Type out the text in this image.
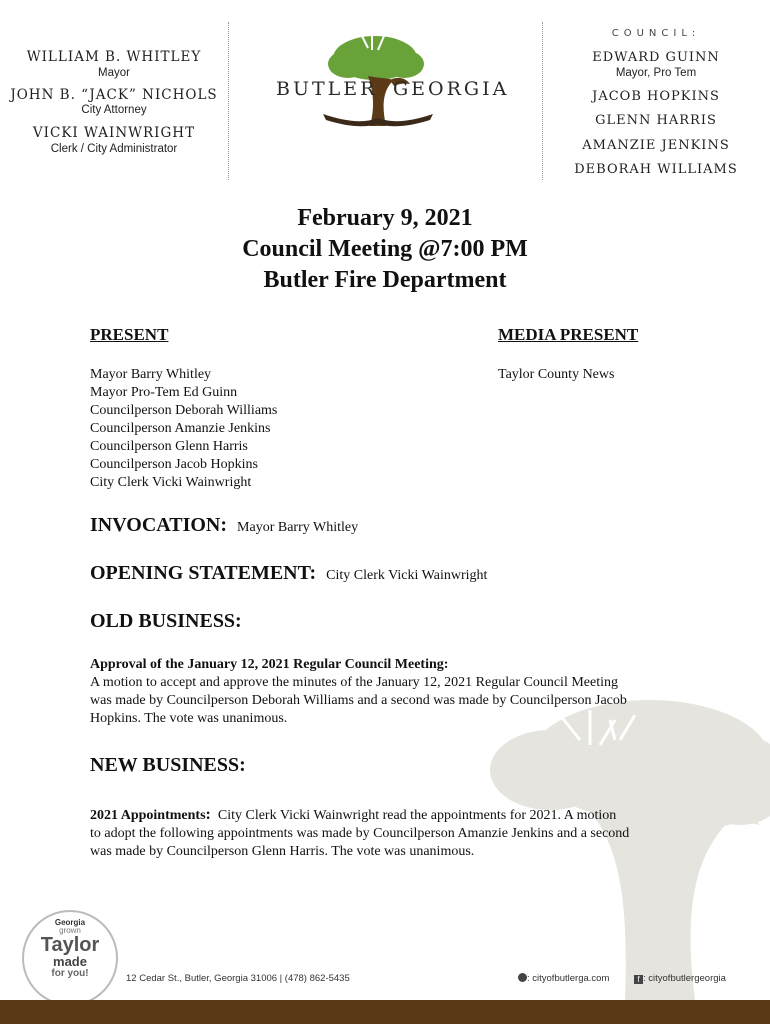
WILLIAM B. WHITLEY
Mayor
JOHN B. “JACK” NICHOLS
City Attorney
VICKI WAINWRIGHT
Clerk / City Administrator
BUTLER GEORGIA
COUNCIL:
EDWARD GUINN
Mayor, Pro Tem
JACOB HOPKINS
GLENN HARRIS
AMANZIE JENKINS
DEBORAH WILLIAMS
February 9, 2021
Council Meeting @7:00 PM
Butler Fire Department
PRESENT
Mayor Barry Whitley
Mayor Pro-Tem Ed Guinn
Councilperson Deborah Williams
Councilperson Amanzie Jenkins
Councilperson Glenn Harris
Councilperson Jacob Hopkins
City Clerk Vicki Wainwright
MEDIA PRESENT
Taylor County News
INVOCATION:  Mayor Barry Whitley
OPENING STATEMENT:  City Clerk Vicki Wainwright
OLD BUSINESS:
Approval of the January 12, 2021 Regular Council Meeting:
A motion to accept and approve the minutes of the January 12, 2021 Regular Council Meeting
was made by Councilperson Deborah Williams and a second was made by Councilperson Jacob
Hopkins. The vote was unanimous.
NEW BUSINESS:
2021 Appointments: City Clerk Vicki Wainwright read the appointments for 2021. A motion
to adopt the following appointments was made by Councilperson Amanzie Jenkins and a second
was made by Councilperson Glenn Harris. The vote was unanimous.
Georgia
grown
Taylor
made
for you!	12 Cedar St., Butler, Georgia 31006 | (478) 862-5435	: cityofbutlerga.com	f : cityofbutlergeorgia
